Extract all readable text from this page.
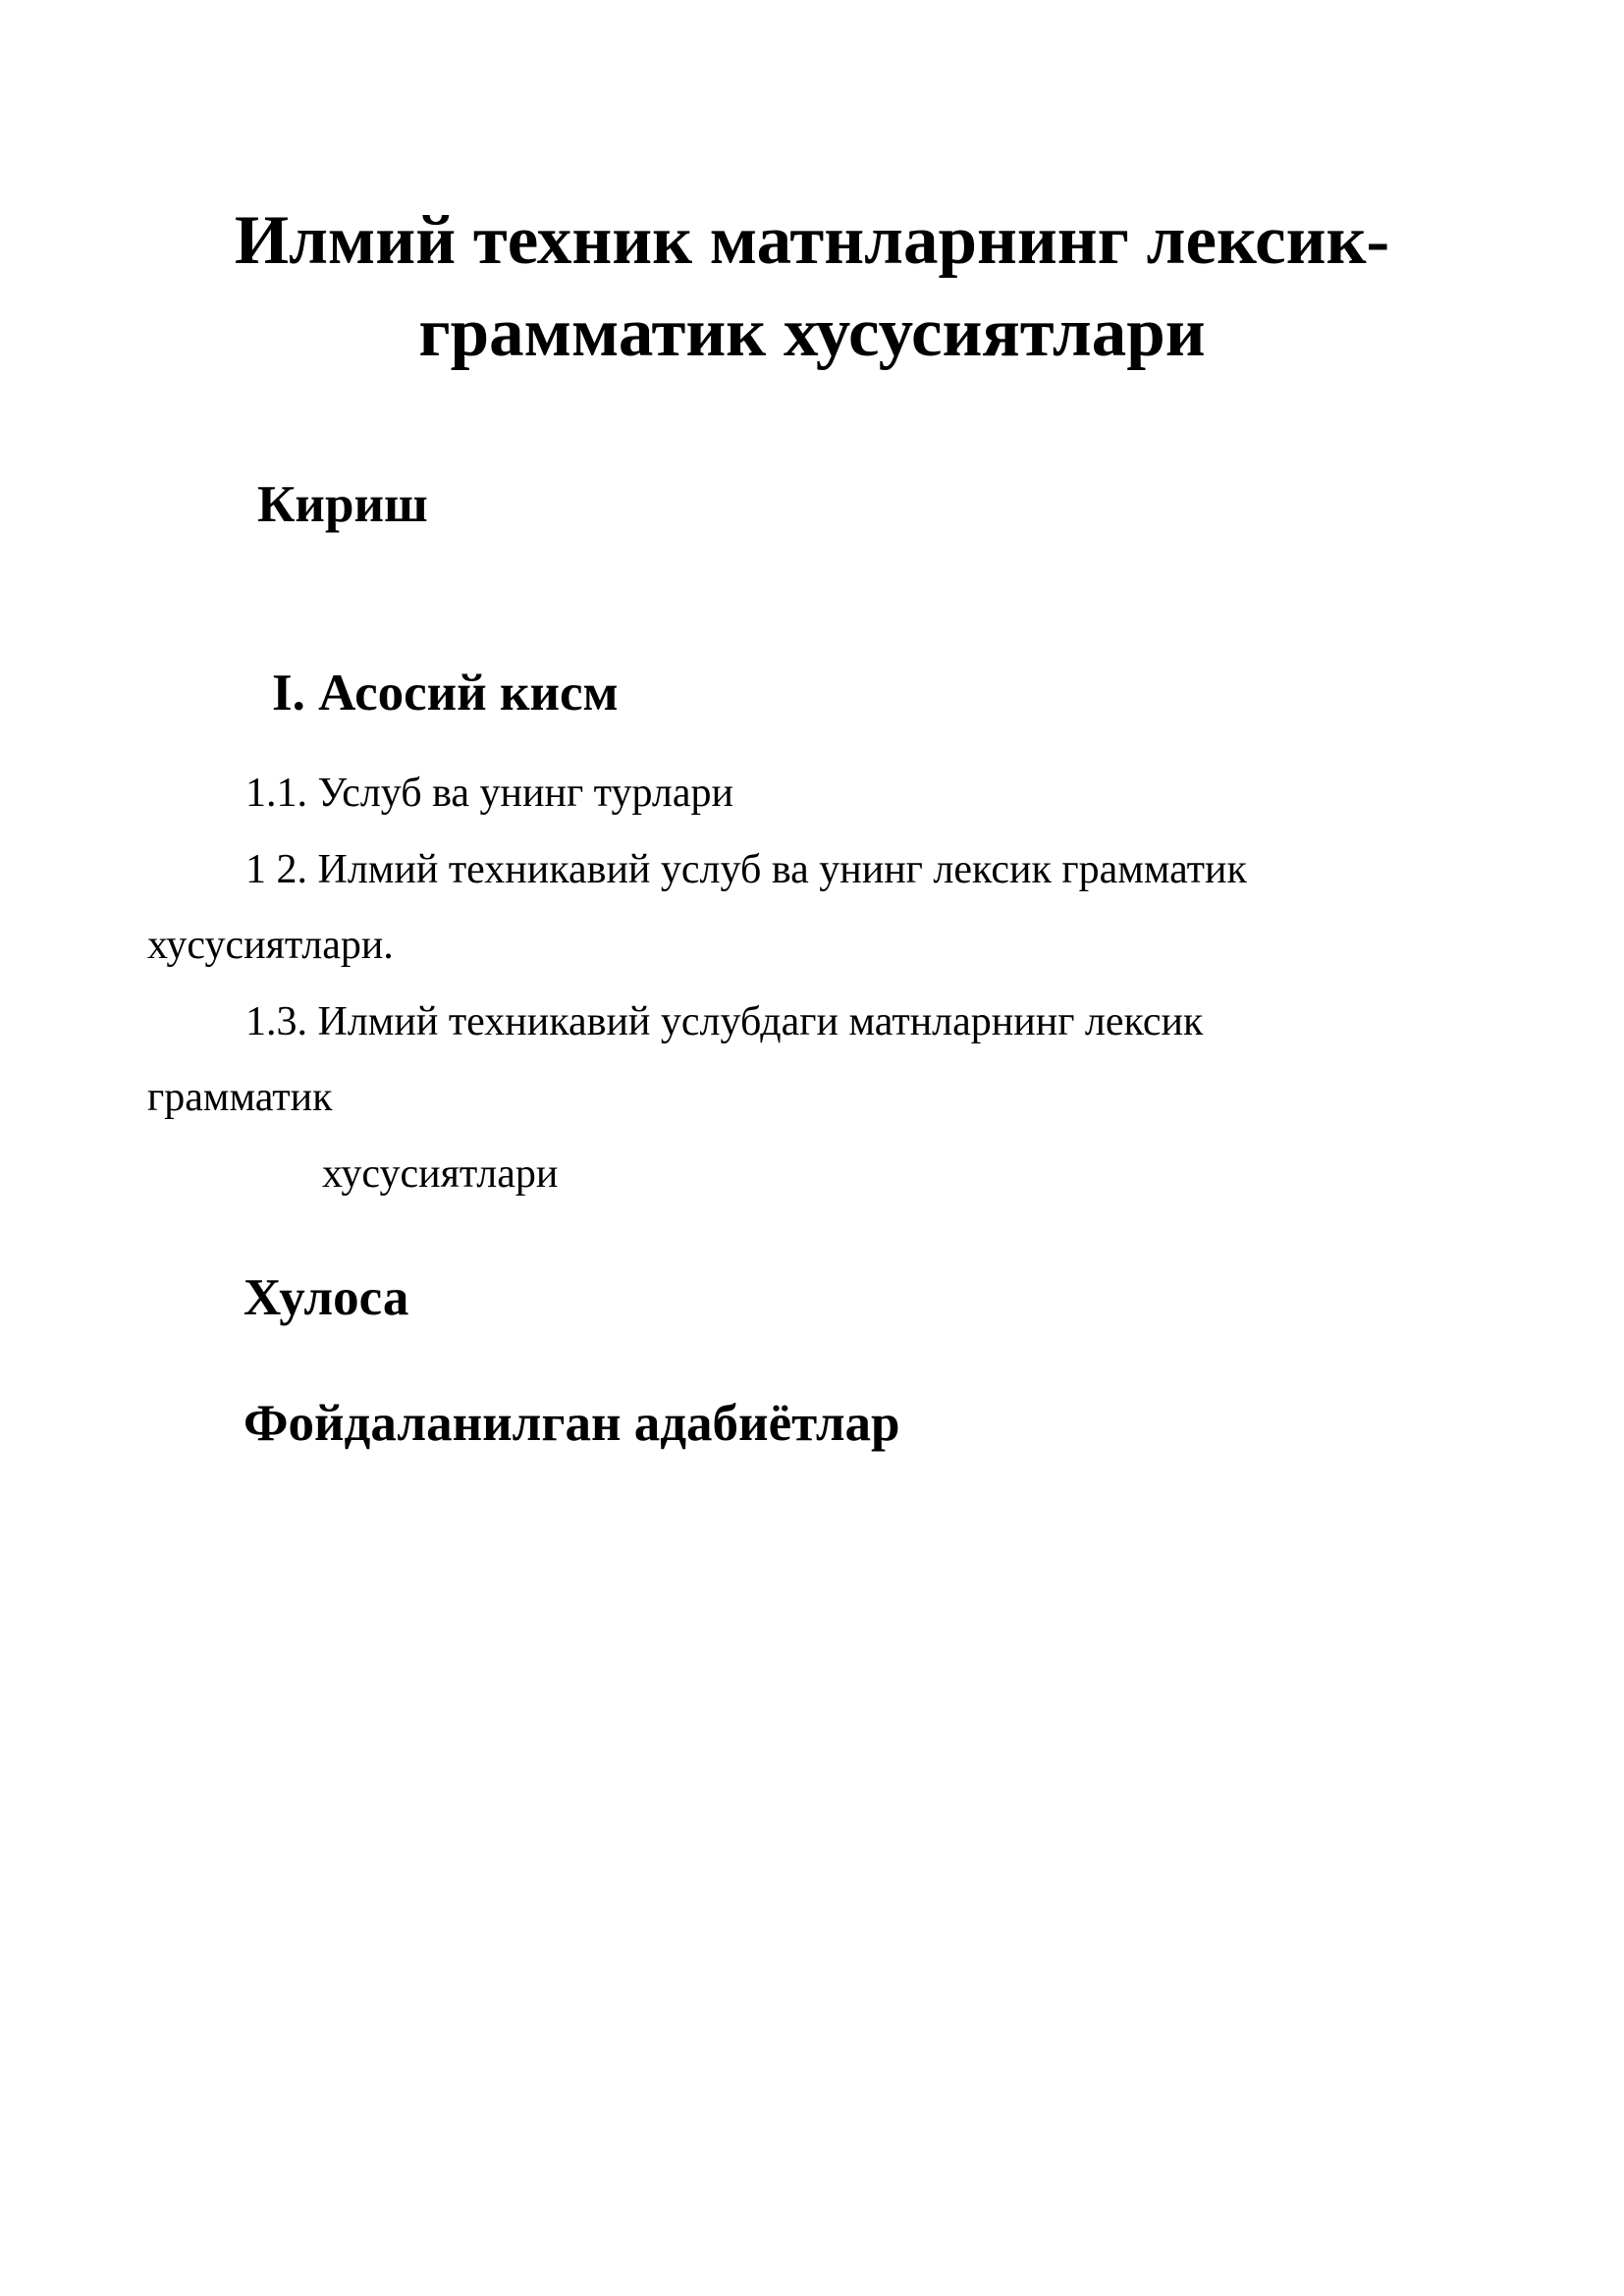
Илмий техник матнларнинг лексик-
грамматик хусусиятлари
Кириш
I. Асосий кисм
1.1. Услуб ва унинг турлари
1 2. Илмий техникавий услуб ва унинг лексик грамматик
хусусиятлари.
1.3. Илмий техникавий услубдаги матнларнинг лексик
грамматик
хусусиятлари
Хулоса
Фойдаланилган адабиётлар
